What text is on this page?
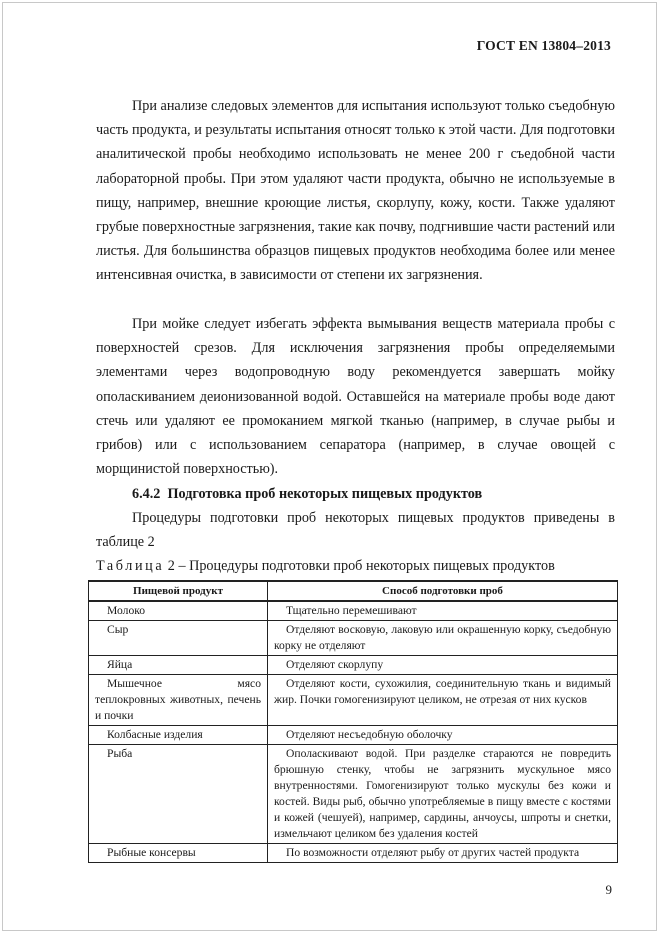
ГОСТ EN 13804–2013

При анализе следовых элементов для испытания используют только съедобную часть продукта, и результаты испытания относят только к этой части. Для подготовки аналитической пробы необходимо использовать не менее 200 г съедобной части лабораторной пробы. При этом удаляют части продукта, обычно не используемые в пищу, например, внешние кроющие листья, скорлупу, кожу, кости. Также удаляют грубые поверхностные загрязнения, такие как почву, подгнившие части растений или листья. Для большинства образцов пищевых продуктов необходима более или менее интенсивная очистка, в зависимости от степени их загрязнения.

При мойке следует избегать эффекта вымывания веществ материала пробы с поверхностей срезов. Для исключения загрязнения пробы определяемыми элементами через водопроводную воду рекомендуется завершать мойку ополаскиванием деионизованной водой. Оставшейся на материале пробы воде дают стечь или удаляют ее промоканием мягкой тканью (например, в случае рыбы и грибов) или с использованием сепаратора (например, в случае овощей с морщинистой поверхностью).

6.4.2 Подготовка проб некоторых пищевых продуктов

Процедуры подготовки проб некоторых пищевых продуктов приведены в таблице 2

Таблица 2 – Процедуры подготовки проб некоторых пищевых продуктов
Пищевой продукт	Способ подготовки проб
Молоко	Тщательно перемешивают
Сыр	Отделяют восковую, лаковую или окрашенную корку, съедобную корку не отделяют
Яйца	Отделяют скорлупу
Мышечное мясо теплокровных животных, печень и почки	Отделяют кости, сухожилия, соединительную ткань и видимый жир. Почки гомогенизируют целиком, не отрезая от них кусков
Колбасные изделия	Отделяют несъедобную оболочку
Рыба	Ополаскивают водой. При разделке стараются не повредить брюшную стенку, чтобы не загрязнить мускульное мясо внутренностями. Гомогенизируют только мускулы без кожи и костей. Виды рыб, обычно употребляемые в пищу вместе с костями и кожей (чешуей), например, сардины, анчоусы, шпроты и снетки, измельчают целиком без удаления костей
Рыбные консервы	По возможности отделяют рыбу от других частей продукта
9
